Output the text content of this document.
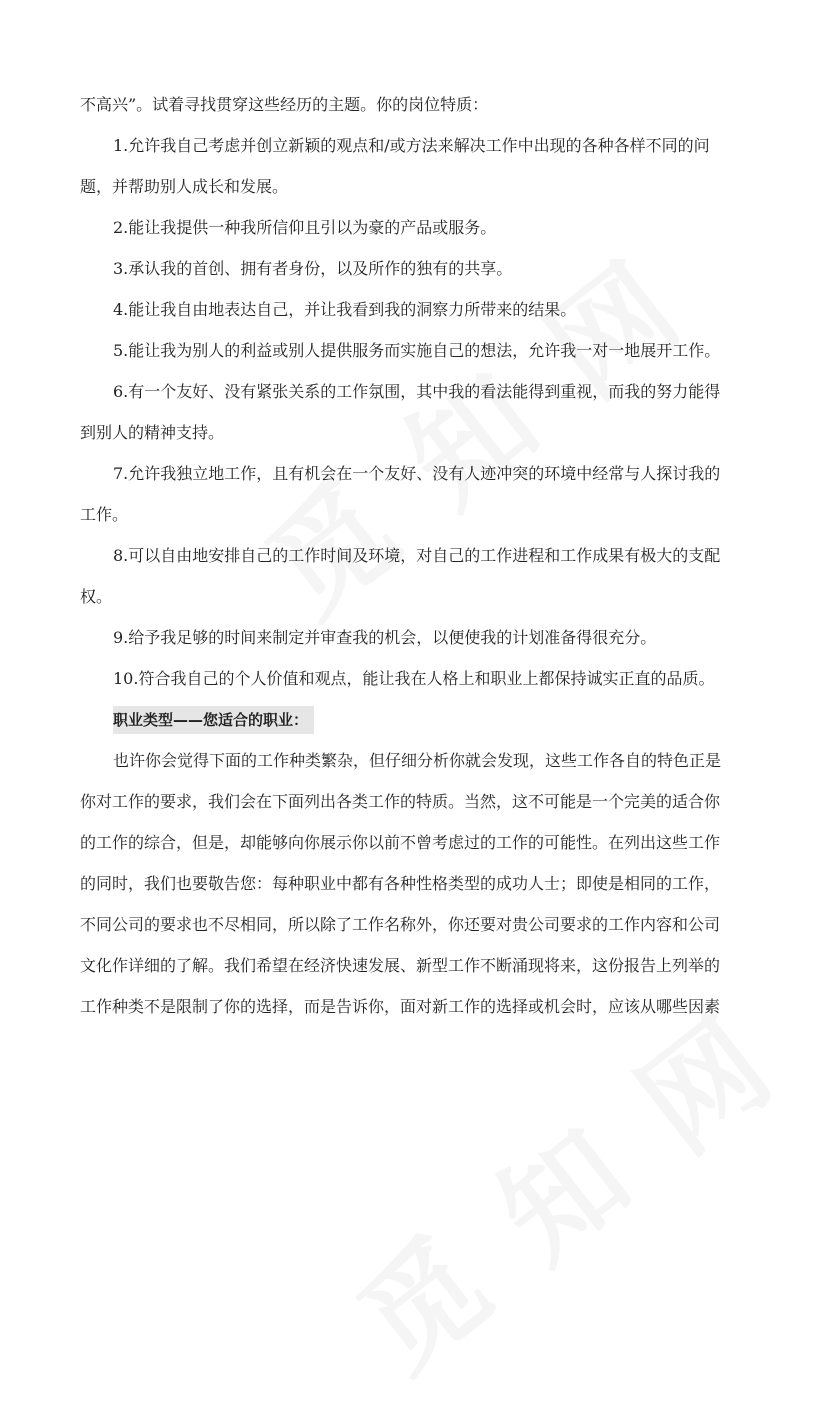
不高兴”。试着寻找贯穿这些经历的主题。你的岗位特质：

1.允许我自己考虑并创立新颖的观点和/或方法来解决工作中出现的各种各样不同的问

题，并帮助别人成长和发展。

2.能让我提供一种我所信仰且引以为豪的产品或服务。

3.承认我的首创、拥有者身份，以及所作的独有的共享。

4.能让我自由地表达自己，并让我看到我的洞察力所带来的结果。

5.能让我为别人的利益或别人提供服务而实施自己的想法，允许我一对一地展开工作。

6.有一个友好、没有紧张关系的工作氛围，其中我的看法能得到重视，而我的努力能得

到别人的精神支持。

7.允许我独立地工作，且有机会在一个友好、没有人迹冲突的环境中经常与人探讨我的

工作。

8.可以自由地安排自己的工作时间及环境，对自己的工作进程和工作成果有极大的支配

权。

9.给予我足够的时间来制定并审查我的机会，以便使我的计划准备得很充分。

10.符合我自己的个人价值和观点，能让我在人格上和职业上都保持诚实正直的品质。

职业类型——您适合的职业：

也许你会觉得下面的工作种类繁杂，但仔细分析你就会发现，这些工作各自的特色正是

你对工作的要求，我们会在下面列出各类工作的特质。当然，这不可能是一个完美的适合你

的工作的综合，但是，却能够向你展示你以前不曾考虑过的工作的可能性。在列出这些工作

的同时，我们也要敬告您：每种职业中都有各种性格类型的成功人士；即使是相同的工作，

不同公司的要求也不尽相同，所以除了工作名称外，你还要对贵公司要求的工作内容和公司

文化作详细的了解。我们希望在经济快速发展、新型工作不断涌现将来，这份报告上列举的

工作种类不是限制了你的选择，而是告诉你，面对新工作的选择或机会时，应该从哪些因素
